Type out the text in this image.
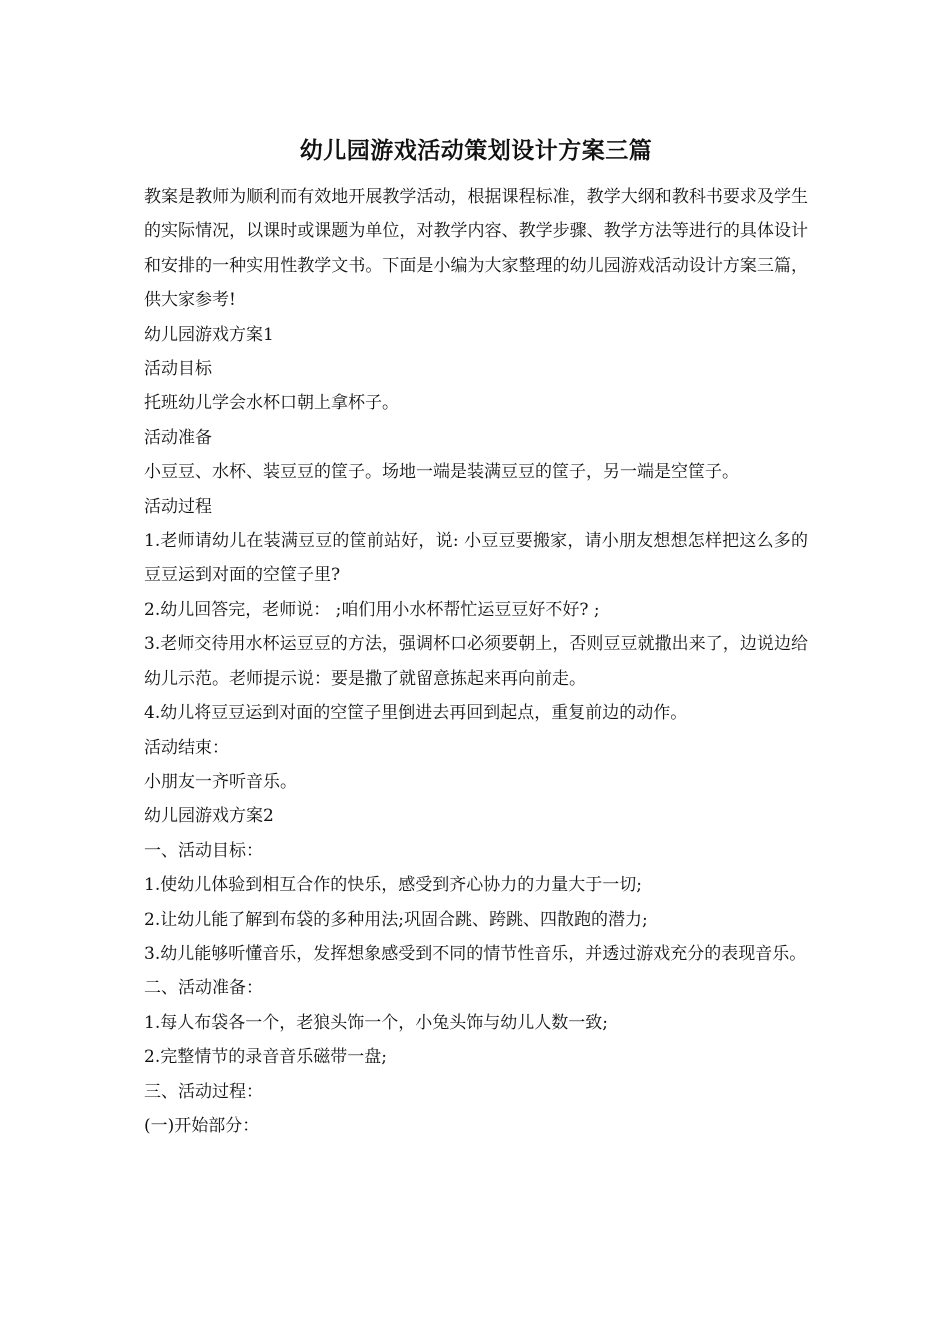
幼儿园游戏活动策划设计方案三篇

教案是教师为顺利而有效地开展教学活动，根据课程标准，教学大纲和教科书要求及学生的实际情况，以课时或课题为单位，对教学内容、教学步骤、教学方法等进行的具体设计和安排的一种实用性教学文书。下面是小编为大家整理的幼儿园游戏活动设计方案三篇，供大家参考!

幼儿园游戏方案1

活动目标

托班幼儿学会水杯口朝上拿杯子。

活动准备

小豆豆、水杯、装豆豆的筐子。场地一端是装满豆豆的筐子，另一端是空筐子。

活动过程

1.老师请幼儿在装满豆豆的筐前站好，说: 小豆豆要搬家，请小朋友想想怎样把这么多的豆豆运到对面的空筐子里?

2.幼儿回答完，老师说： ;咱们用小水杯帮忙运豆豆好不好? ;

3.老师交待用水杯运豆豆的方法，强调杯口必须要朝上，否则豆豆就撒出来了，边说边给幼儿示范。老师提示说：要是撒了就留意拣起来再向前走。

4.幼儿将豆豆运到对面的空筐子里倒进去再回到起点，重复前边的动作。

活动结束：

小朋友一齐听音乐。

幼儿园游戏方案2

一、活动目标：

1.使幼儿体验到相互合作的快乐，感受到齐心协力的力量大于一切;

2.让幼儿能了解到布袋的多种用法;巩固合跳、跨跳、四散跑的潜力;

3.幼儿能够听懂音乐，发挥想象感受到不同的情节性音乐，并透过游戏充分的表现音乐。

二、活动准备：

1.每人布袋各一个，老狼头饰一个，小兔头饰与幼儿人数一致;

2.完整情节的录音音乐磁带一盘;

三、活动过程：

(一)开始部分：
